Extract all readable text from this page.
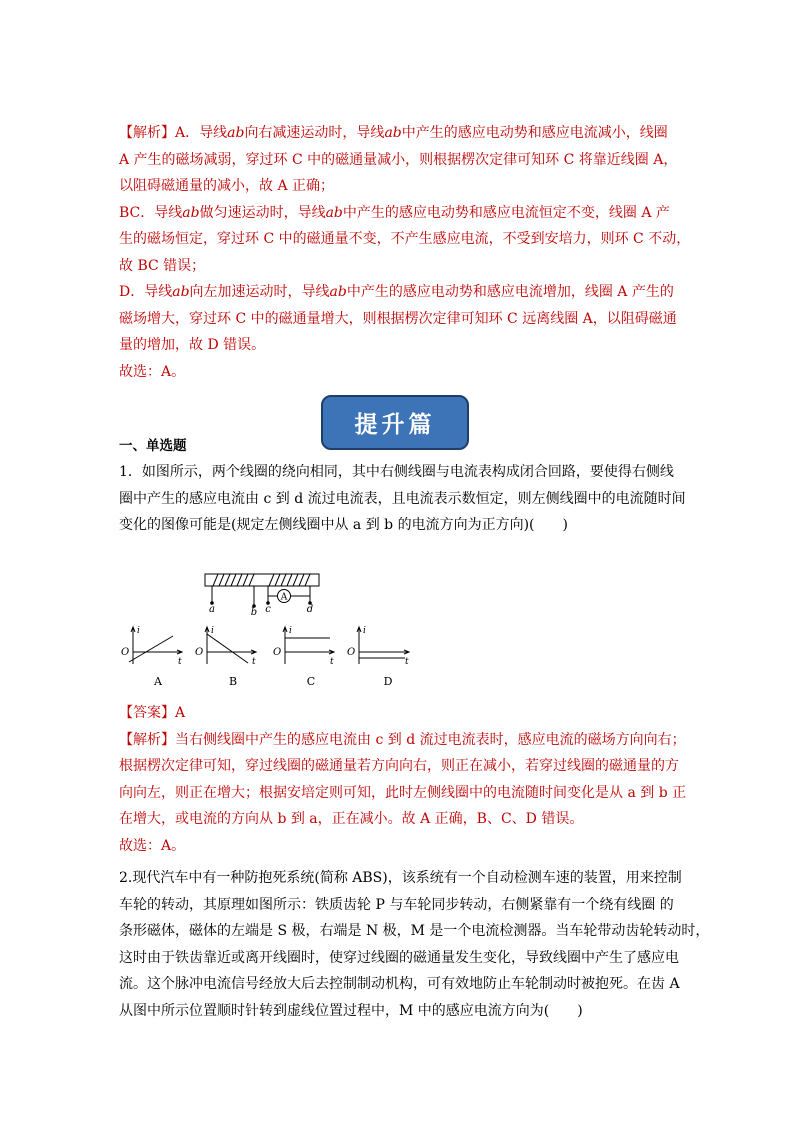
【解析】A．导线ab向右减速运动时，导线ab中产生的感应电动势和感应电流减小，线圈
A 产生的磁场减弱，穿过环 C 中的磁通量减小，则根据楞次定律可知环 C 将靠近线圈 A，
以阻碍磁通量的减小，故 A 正确；
BC．导线ab做匀速运动时，导线ab中产生的感应电动势和感应电流恒定不变，线圈 A 产
生的磁场恒定，穿过环 C 中的磁通量不变，不产生感应电流，不受到安培力，则环 C 不动，
故 BC 错误；
D．导线ab向左加速运动时，导线ab中产生的感应电动势和感应电流增加，线圈 A 产生的
磁场增大，穿过环 C 中的磁通量增大，则根据楞次定律可知环 C 远离线圈 A，以阻碍磁通
量的增加，故 D 错误。
故选：A。
提升篇
一、单选题
1．如图所示，两个线圈的绕向相同，其中右侧线圈与电流表构成闭合回路，要使得右侧线
圈中产生的感应电流由 c 到 d 流过电流表，且电流表示数恒定，则左侧线圈中的电流随时间
变化的图像可能是(规定左侧线圈中从 a 到 b 的电流方向为正方向)(　　)
A
a	b c	d
i
O
t
A
i
O
t
B
i
O
t
C
i
O
t
D
【答案】A
【解析】当右侧线圈中产生的感应电流由 c 到 d 流过电流表时，感应电流的磁场方向向右；
根据楞次定律可知，穿过线圈的磁通量若方向向右，则正在减小，若穿过线圈的磁通量的方
向向左，则正在增大；根据安培定则可知，此时左侧线圈中的电流随时间变化是从 a 到 b 正
在增大，或电流的方向从 b 到 a，正在减小。故 A 正确，B、C、D 错误。
故选：A。
2.现代汽车中有一种防抱死系统(简称 ABS)，该系统有一个自动检测车速的装置，用来控制
车轮的转动，其原理如图所示：铁质齿轮 P 与车轮同步转动，右侧紧靠有一个绕有线圈 的
条形磁体，磁体的左端是 S 极，右端是 N 极，M 是一个电流检测器。当车轮带动齿轮转动时，
这时由于铁齿靠近或离开线圈时，使穿过线圈的磁通量发生变化，导致线圈中产生了感应电
流。这个脉冲电流信号经放大后去控制制动机构，可有效地防止车轮制动时被抱死。在齿 A
从图中所示位置顺时针转到虚线位置过程中，M 中的感应电流方向为(　　)
